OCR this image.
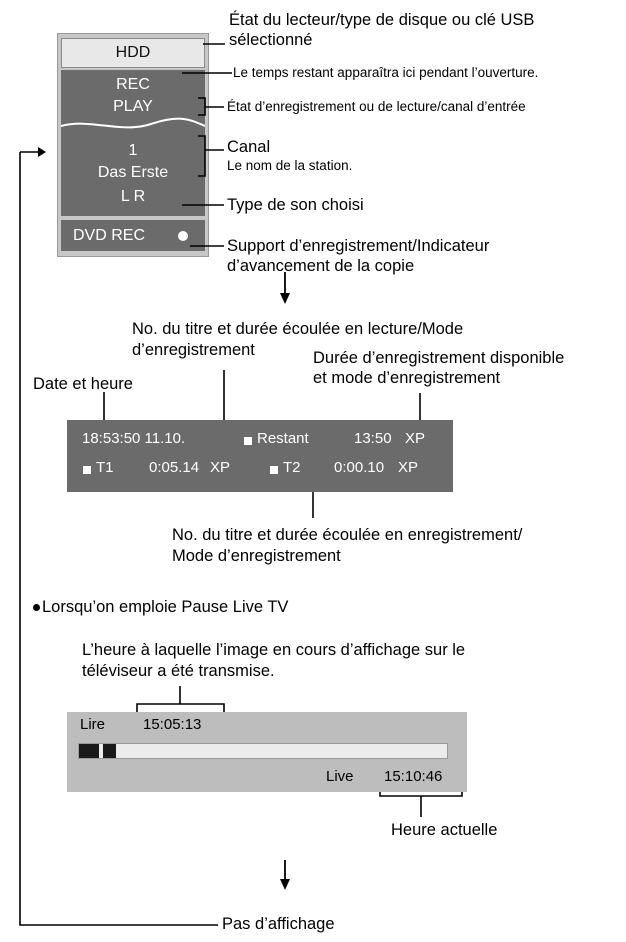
HDD
REC
PLAY
1
Das Erste
L R
DVD REC
État du lecteur/type de disque ou clé USB
sélectionné
Le temps restant apparaîtra ici pendant l’ouverture.
État d’enregistrement ou de lecture/canal d’entrée
Canal
Le nom de la station.
Type de son choisi
Support d’enregistrement/Indicateur
d’avancement de la copie
No. du titre et durée écoulée en lecture/Mode
d’enregistrement	Durée d’enregistrement disponible
et mode d’enregistrement
Date et heure
18:53:50 11.10.	Restant	13:50 XP
T1 0:05.14 XP	T2 0:00.10 XP
No. du titre et durée écoulée en enregistrement/
Mode d’enregistrement
Lorsqu’on emploie Pause Live TV
L’heure à laquelle l’image en cours d’affichage sur le
téléviseur a été transmise.
Lire	15:05:13
Live 15:10:46
Heure actuelle
Pas d’affichage
